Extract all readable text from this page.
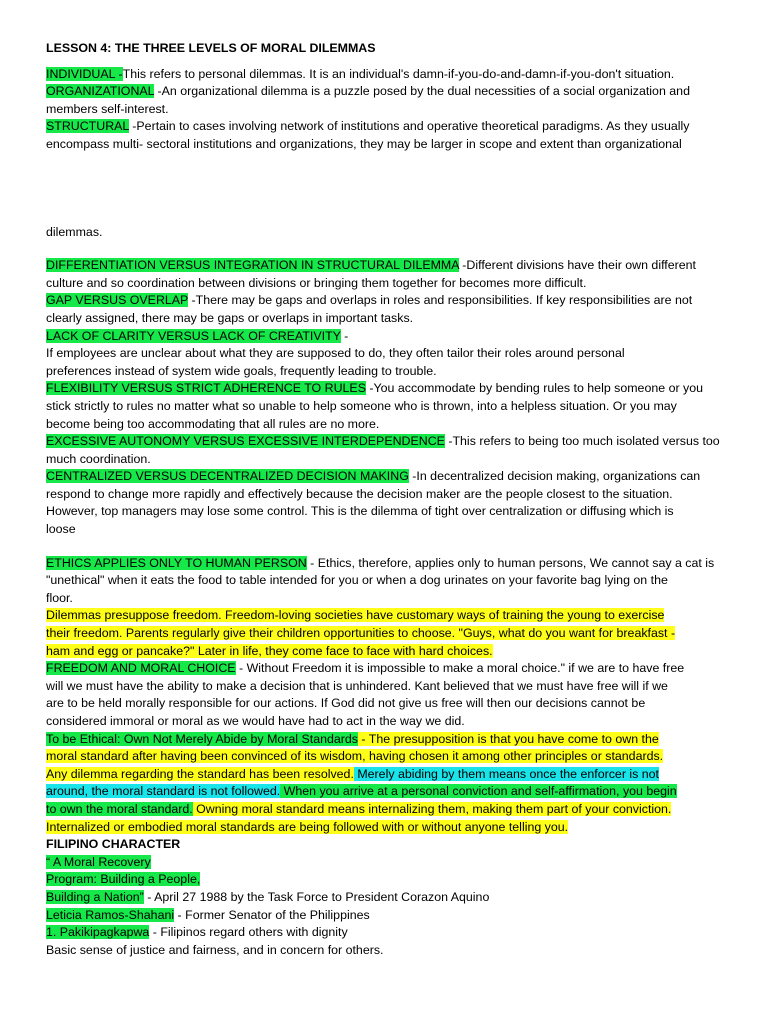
LESSON 4: THE THREE LEVELS OF MORAL DILEMMAS
INDIVIDUAL -This refers to personal dilemmas. It is an individual's damn-if-you-do-and-damn-if-you-don't situation.
ORGANIZATIONAL -An organizational dilemma is a puzzle posed by the dual necessities of a social organization and
members self-interest.
STRUCTURAL -Pertain to cases involving network of institutions and operative theoretical paradigms. As they usually
encompass multi- sectoral institutions and organizations, they may be larger in scope and extent than organizational
dilemmas.
DIFFERENTIATION VERSUS INTEGRATION IN STRUCTURAL DILEMMA -Different divisions have their own different
culture and so coordination between divisions or bringing them together for becomes more difficult.
GAP VERSUS OVERLAP -There may be gaps and overlaps in roles and responsibilities. If key responsibilities are not
clearly assigned, there may be gaps or overlaps in important tasks.
LACK OF CLARITY VERSUS LACK OF CREATIVITY -
If employees are unclear about what they are supposed to do, they often tailor their roles around personal
preferences instead of system wide goals, frequently leading to trouble.
FLEXIBILITY VERSUS STRICT ADHERENCE TO RULES -You accommodate by bending rules to help someone or you
stick strictly to rules no matter what so unable to help someone who is thrown, into a helpless situation. Or you may
become being too accommodating that all rules are no more.
EXCESSIVE AUTONOMY VERSUS EXCESSIVE INTERDEPENDENCE -This refers to being too much isolated versus too
much coordination.
CENTRALIZED VERSUS DECENTRALIZED DECISION MAKING -In decentralized decision making, organizations can
respond to change more rapidly and effectively because the decision maker are the people closest to the situation.
However, top managers may lose some control. This is the dilemma of tight over centralization or diffusing which is
loose
ETHICS APPLIES ONLY TO HUMAN PERSON - Ethics, therefore, applies only to human persons, We cannot say a cat is
"unethical" when it eats the food to table intended for you or when a dog urinates on your favorite bag lying on the
floor.
Dilemmas presuppose freedom. Freedom-loving societies have customary ways of training the young to exercise
their freedom. Parents regularly give their children opportunities to choose. "Guys, what do you want for breakfast -
ham and egg or pancake?" Later in life, they come face to face with hard choices.
FREEDOM AND MORAL CHOICE - Without Freedom it is impossible to make a moral choice." if we are to have free
will we must have the ability to make a decision that is unhindered. Kant believed that we must have free will if we
are to be held morally responsible for our actions. If God did not give us free will then our decisions cannot be
considered immoral or moral as we would have had to act in the way we did.
To be Ethical: Own Not Merely Abide by Moral Standards - The presupposition is that you have come to own the
moral standard after having been convinced of its wisdom, having chosen it among other principles or standards.
Any dilemma regarding the standard has been resolved. Merely abiding by them means once the enforcer is not
around, the moral standard is not followed. When you arrive at a personal conviction and self-affirmation, you begin
to own the moral standard. Owning moral standard means internalizing them, making them part of your conviction.
Internalized or embodied moral standards are being followed with or without anyone telling you.
FILIPINO CHARACTER
“ A Moral Recovery
Program: Building a People,
Building a Nation” - April 27 1988 by the Task Force to President Corazon Aquino
Leticia Ramos-Shahani - Former Senator of the Philippines
1. Pakikipagkapwa - Filipinos regard others with dignity
Basic sense of justice and fairness, and in concern for others.
